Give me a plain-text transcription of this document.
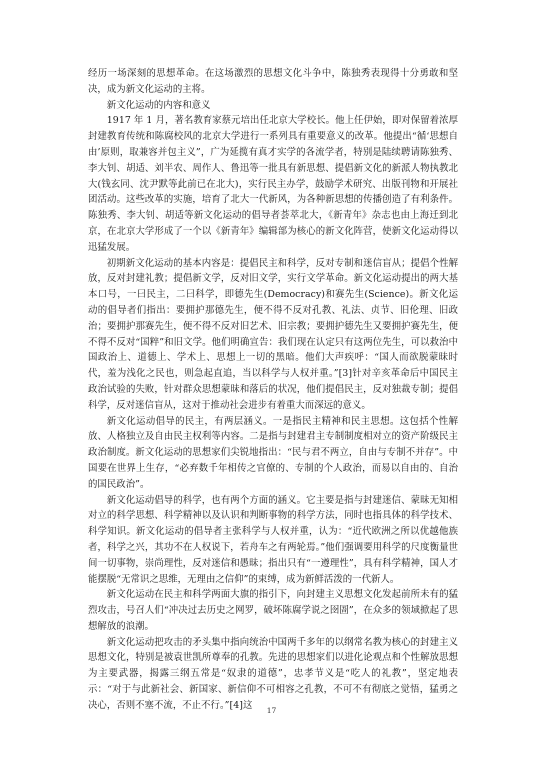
经历一场深刻的思想革命。在这场激烈的思想文化斗争中，陈独秀表现得十分勇敢和坚决，成为新文化运动的主将。

新文化运动的内容和意义

1917 年 1 月，著名教育家蔡元培出任北京大学校长。他上任伊始，即对保留着浓厚封建教育传统和陈腐校风的北京大学进行一系列具有重要意义的改革。他提出“循‘思想自由’原则，取兼容并包主义”，广为延揽有真才实学的各流学者，特别是陆续聘请陈独秀、李大钊、胡适、刘半农、周作人、鲁迅等一批具有新思想、提倡新文化的新派人物执教北大(钱玄同、沈尹默等此前已在北大)，实行民主办学，鼓励学术研究、出版刊物和开展社团活动。这些改革的实施，培育了北大一代新风，为各种新思想的传播创造了有利条件。陈独秀、李大钊、胡适等新文化运动的倡导者荟萃北大，《新青年》杂志也由上海迁到北京，在北京大学形成了一个以《新青年》编辑部为核心的新文化阵营，使新文化运动得以迅猛发展。

初期新文化运动的基本内容是：提倡民主和科学，反对专制和迷信盲从；提倡个性解放，反对封建礼教；提倡新文学，反对旧文学，实行文学革命。新文化运动提出的两大基本口号，一曰民主，二曰科学，即德先生(Democracy)和赛先生(Science)。新文化运动的倡导者们指出：要拥护那德先生，便不得不反对孔教、礼法、贞节、旧伦理、旧政治；要拥护那赛先生，便不得不反对旧艺术、旧宗教；要拥护德先生又要拥护赛先生，便不得不反对“国粹”和旧文学。他们明确宣告：我们现在认定只有这两位先生，可以救治中国政治上、道德上、学术上、思想上一切的黑暗。他们大声疾呼：“国人而欲脱蒙昧时代，羞为浅化之民也，则急起直追，当以科学与人权并重。”[3]针对辛亥革命后中国民主政治试验的失败，针对群众思想蒙昧和落后的状况，他们提倡民主，反对独裁专制；提倡科学，反对迷信盲从，这对于推动社会进步有着重大而深远的意义。

新文化运动倡导的民主，有两层涵义。一是指民主精神和民主思想。这包括个性解放、人格独立及自由民主权利等内容。二是指与封建君主专制制度相对立的资产阶级民主政治制度。新文化运动的思想家们尖锐地指出：“民与君不两立，自由与专制不并存”。中国要在世界上生存，“必弃数千年相传之官僚的、专制的个人政治，而易以自由的、自治的国民政治”。

新文化运动倡导的科学，也有两个方面的涵义。它主要是指与封建迷信、蒙昧无知相对立的科学思想、科学精神以及认识和判断事物的科学方法，同时也指具体的科学技术、科学知识。新文化运动的倡导者主张科学与人权并重，认为：“近代欧洲之所以优越他族者，科学之兴，其功不在人权说下，若舟车之有两轮焉。”他们强调要用科学的尺度衡量世间一切事物，崇尚理性，反对迷信和愚昧；指出只有“一遵理性”，具有科学精神，国人才能摆脱“无常识之思维，无理由之信仰”的束缚，成为新鲜活泼的一代新人。

新文化运动在民主和科学两面大旗的指引下，向封建主义思想文化发起前所未有的猛烈攻击，号召人们“冲决过去历史之网罗，破坏陈腐学说之囹圄”，在众多的领域掀起了思想解放的浪潮。

新文化运动把攻击的矛头集中指向统治中国两千多年的以纲常名教为核心的封建主义思想文化，特别是被袁世凯所尊奉的孔教。先进的思想家们以进化论观点和个性解放思想为主要武器，揭露三纲五常是“奴隶的道德”，忠孝节义是“吃人的礼教”，坚定地表示：“对于与此新社会、新国家、新信仰不可相容之孔教，不可不有彻底之觉悟，猛勇之决心，否则不塞不流，不止不行。”[4]这	17
